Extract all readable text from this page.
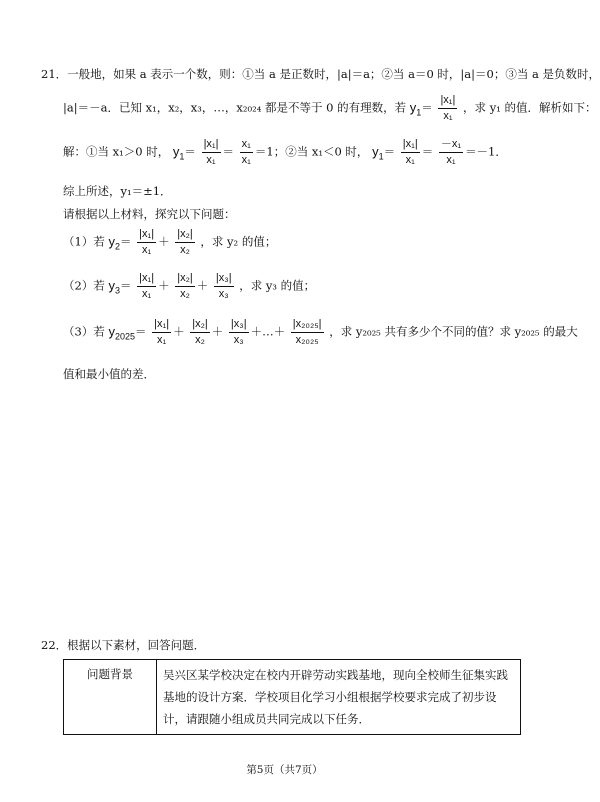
21．一般地，如果 a 表示一个数，则：①当 a 是正数时，|a|＝a；②当 a＝0 时，|a|＝0；③当 a 是负数时，
|a|＝－a．已知 x₁，x₂，x₃，…，x₂₀₂₄ 都是不等于 0 的有理数，若 $y_1= \frac{\text{|x₁|}}{\text{x₁}}$ ，求 y₁ 的值．解析如下：
解：①当 x₁＞0 时， $y_1= \frac{\text{|x₁|}}{\text{x₁}} = \frac{\text{x₁}}{\text{x₁}} =1$；②当 x₁＜0 时， $y_1= \frac{\text{|x₁|}}{\text{x₁}} = \frac{\text{－x₁}}{\text{x₁}} =-1$．
综上所述，y₁＝±1．
请根据以上材料，探究以下问题：
（1）若 $y_2= \frac{\text{|x₁|}}{\text{x₁}} + \frac{\text{|x₂|}}{\text{x₂}}$ ，求 y₂ 的值；
（2）若 $y_3= \frac{\text{|x₁|}}{\text{x₁}} + \frac{\text{|x₂|}}{\text{x₂}} + \frac{\text{|x₃|}}{\text{x₃}}$ ，求 y₃ 的值；
（3）若 $y_{2025}= \frac{\text{|x₁|}}{\text{x₁}} + \frac{\text{|x₂|}}{\text{x₂}} + \frac{\text{|x₃|}}{\text{x₃}}$ ＋…＋ $\frac{\text{|x₂₀₂₅|}}{\text{x₂₀₂₅}}$ ，求 y₂₀₂₅ 共有多少个不同的值？求 y₂₀₂₅ 的最大
值和最小值的差．
22．根据以下素材，回答问题．
问题背景	吴兴区某学校决定在校内开辟劳动实践基地，现向全校师生征集实践基地的设计方案．学校项目化学习小组根据学校要求完成了初步设计，请跟随小组成员共同完成以下任务．
第5页（共7页）
